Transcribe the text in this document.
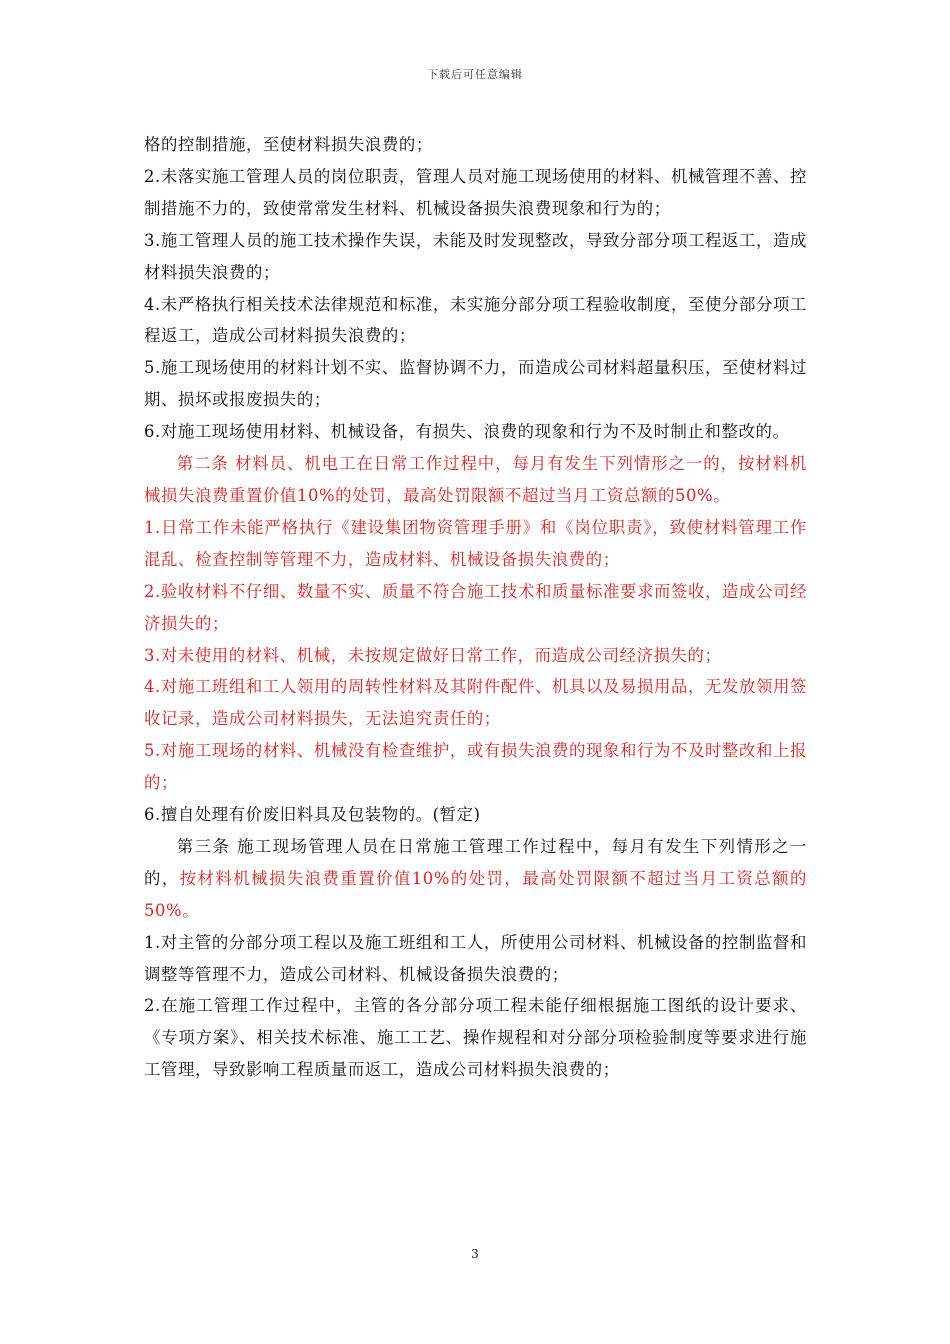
下载后可任意编辑

格的控制措施，至使材料损失浪费的；

2.未落实施工管理人员的岗位职责，管理人员对施工现场使用的材料、机械管理不善、控制措施不力的，致使常常发生材料、机械设备损失浪费现象和行为的；

3.施工管理人员的施工技术操作失误，未能及时发现整改，导致分部分项工程返工，造成材料损失浪费的；

4.未严格执行相关技术法律规范和标准，未实施分部分项工程验收制度，至使分部分项工程返工，造成公司材料损失浪费的；

5.施工现场使用的材料计划不实、监督协调不力，而造成公司材料超量积压，至使材料过期、损坏或报废损失的；

6.对施工现场使用材料、机械设备，有损失、浪费的现象和行为不及时制止和整改的。

第二条 材料员、机电工在日常工作过程中，每月有发生下列情形之一的，按材料机械损失浪费重置价值10%的处罚，最高处罚限额不超过当月工资总额的50%。

1.日常工作未能严格执行《建设集团物资管理手册》和《岗位职责》，致使材料管理工作混乱、检查控制等管理不力，造成材料、机械设备损失浪费的；

2.验收材料不仔细、数量不实、质量不符合施工技术和质量标准要求而签收，造成公司经济损失的；

3.对未使用的材料、机械，未按规定做好日常工作，而造成公司经济损失的；

4.对施工班组和工人领用的周转性材料及其附件配件、机具以及易损用品，无发放领用签收记录，造成公司材料损失，无法追究责任的；

5.对施工现场的材料、机械没有检查维护，或有损失浪费的现象和行为不及时整改和上报的；

6.擅自处理有价废旧料具及包装物的。(暂定)

第三条 施工现场管理人员在日常施工管理工作过程中，每月有发生下列情形之一的，按材料机械损失浪费重置价值10%的处罚，最高处罚限额不超过当月工资总额的50%。

1.对主管的分部分项工程以及施工班组和工人，所使用公司材料、机械设备的控制监督和调整等管理不力，造成公司材料、机械设备损失浪费的；

2.在施工管理工作过程中，主管的各分部分项工程未能仔细根据施工图纸的设计要求、《专项方案》、相关技术标准、施工工艺、操作规程和对分部分项检验制度等要求进行施工管理，导致影响工程质量而返工，造成公司材料损失浪费的；

3
